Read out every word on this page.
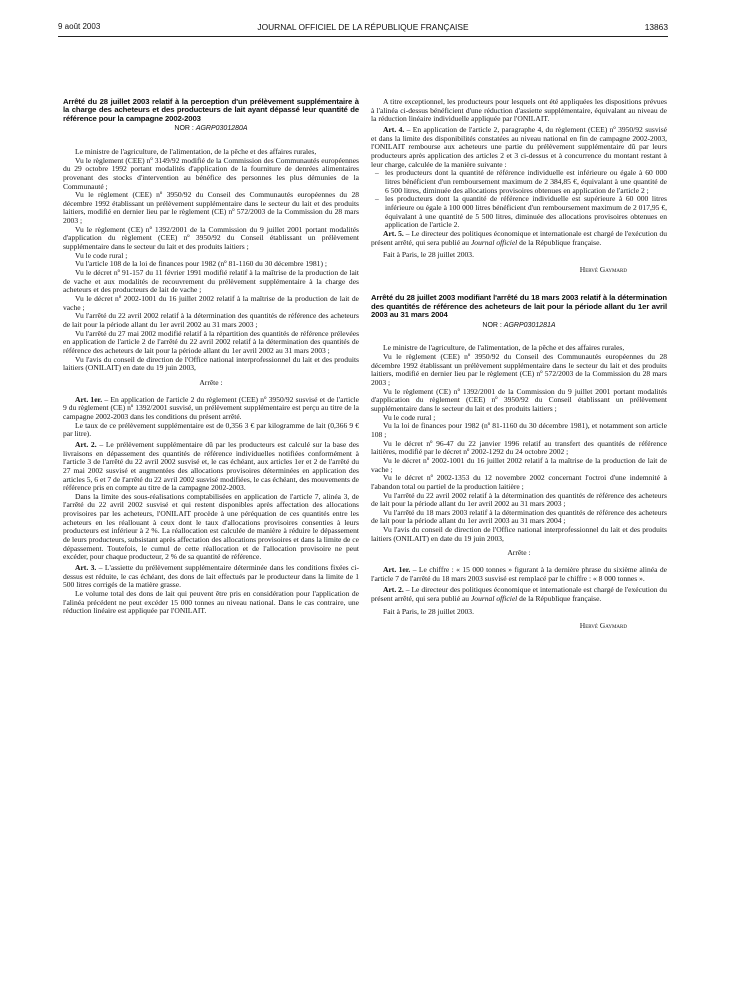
9 août 2003	JOURNAL OFFICIEL DE LA RÉPUBLIQUE FRANÇAISE	13863

Arrêté du 28 juillet 2003 relatif à la perception d'un prélèvement supplémentaire à la charge des acheteurs et des producteurs de lait ayant dépassé leur quantité de référence pour la campagne 2002-2003

NOR : AGRP0301280A

Le ministre de l'agriculture, de l'alimentation, de la pêche et des affaires rurales,

Vu le règlement (CEE) nº 3149/92 modifié de la Commission des Communautés européennes du 29 octobre 1992 portant modalités d'application de la fourniture de denrées alimentaires provenant des stocks d'intervention au bénéfice des personnes les plus démunies de la Communauté ;

Vu le règlement (CEE) nº 3950/92 du Conseil des Communautés européennes du 28 décembre 1992 établissant un prélèvement supplémentaire dans le secteur du lait et des produits laitiers, modifié en dernier lieu par le règlement (CE) nº 572/2003 de la Commission du 28 mars 2003 ;

Vu le règlement (CE) nº 1392/2001 de la Commission du 9 juillet 2001 portant modalités d'application du règlement (CEE) nº 3950/92 du Conseil établissant un prélèvement supplémentaire dans le secteur du lait et des produits laitiers ;

Vu le code rural ;

Vu l'article 108 de la loi de finances pour 1982 (nº 81-1160 du 30 décembre 1981) ;

Vu le décret nº 91-157 du 11 février 1991 modifié relatif à la maîtrise de la production de lait de vache et aux modalités de recouvrement du prélèvement supplémentaire à la charge des acheteurs et des producteurs de lait de vache ;

Vu le décret nº 2002-1001 du 16 juillet 2002 relatif à la maîtrise de la production de lait de vache ;

Vu l'arrêté du 22 avril 2002 relatif à la détermination des quantités de référence des acheteurs de lait pour la période allant du 1er avril 2002 au 31 mars 2003 ;

Vu l'arrêté du 27 mai 2002 modifié relatif à la répartition des quantités de référence prélevées en application de l'article 2 de l'arrêté du 22 avril 2002 relatif à la détermination des quantités de référence des acheteurs de lait pour la période allant du 1er avril 2002 au 31 mars 2003 ;

Vu l'avis du conseil de direction de l'Office national interprofessionnel du lait et des produits laitiers (ONILAIT) en date du 19 juin 2003,

Arrête :

Art. 1er. – En application de l'article 2 du règlement (CEE) nº 3950/92 susvisé et de l'article 9 du règlement (CE) nº 1392/2001 susvisé, un prélèvement supplémentaire est perçu au titre de la campagne 2002-2003 dans les conditions du présent arrêté.

Le taux de ce prélèvement supplémentaire est de 0,356 3 € par kilogramme de lait (0,366 9 € par litre).

Art. 2. – Le prélèvement supplémentaire dû par les producteurs est calculé sur la base des livraisons en dépassement des quantités de référence individuelles notifiées conformément à l'article 3 de l'arrêté du 22 avril 2002 susvisé et, le cas échéant, aux articles 1er et 2 de l'arrêté du 27 mai 2002 susvisé et augmentées des allocations provisoires déterminées en application des articles 5, 6 et 7 de l'arrêté du 22 avril 2002 susvisé modifiées, le cas échéant, des mouvements de référence pris en compte au titre de la campagne 2002-2003.

Dans la limite des sous-réalisations comptabilisées en application de l'article 7, alinéa 3, de l'arrêté du 22 avril 2002 susvisé et qui restent disponibles après affectation des allocations provisoires par les acheteurs, l'ONILAIT procède à une péréquation de ces quantités entre les acheteurs en les réallouant à ceux dont le taux d'allocations provisoires consenties à leurs producteurs est inférieur à 2 %. La réallocation est calculée de manière à réduire le dépassement de leurs producteurs, subsistant après affectation des allocations provisoires et dans la limite de ce dépassement. Toutefois, le cumul de cette réallocation et de l'allocation provisoire ne peut excéder, pour chaque producteur, 2 % de sa quantité de référence.

Art. 3. – L'assiette du prélèvement supplémentaire déterminée dans les conditions fixées ci-dessus est réduite, le cas échéant, des dons de lait effectués par le producteur dans la limite de 1 500 litres corrigés de la matière grasse.

Le volume total des dons de lait qui peuvent être pris en considération pour l'application de l'alinéa précédent ne peut excéder 15 000 tonnes au niveau national. Dans le cas contraire, une réduction linéaire est appliquée par l'ONILAIT.

A titre exceptionnel, les producteurs pour lesquels ont été appliquées les dispositions prévues à l'alinéa ci-dessus bénéficient d'une réduction d'assiette supplémentaire, équivalant au niveau de la réduction linéaire individuelle appliquée par l'ONILAIT.

Art. 4. – En application de l'article 2, paragraphe 4, du règlement (CEE) nº 3950/92 susvisé et dans la limite des disponibilités constatées au niveau national en fin de campagne 2002-2003, l'ONILAIT rembourse aux acheteurs une partie du prélèvement supplémentaire dû par leurs producteurs après application des articles 2 et 3 ci-dessus et à concurrence du montant restant à leur charge, calculée de la manière suivante :

– les producteurs dont la quantité de référence individuelle est inférieure ou égale à 60 000 litres bénéficient d'un remboursement maximum de 2 384,85 €, équivalant à une quantité de 6 500 litres, diminuée des allocations provisoires obtenues en application de l'article 2 ;
– les producteurs dont la quantité de référence individuelle est supérieure à 60 000 litres inférieure ou égale à 100 000 litres bénéficient d'un remboursement maximum de 2 017,95 €, équivalant à une quantité de 5 500 litres, diminuée des allocations provisoires obtenues en application de l'article 2.

Art. 5. – Le directeur des politiques économique et internationale est chargé de l'exécution du présent arrêté, qui sera publié au Journal officiel de la République française.

Fait à Paris, le 28 juillet 2003.

Hervé Gaymard

Arrêté du 28 juillet 2003 modifiant l'arrêté du 18 mars 2003 relatif à la détermination des quantités de référence des acheteurs de lait pour la période allant du 1er avril 2003 au 31 mars 2004

NOR : AGRP0301281A

Le ministre de l'agriculture, de l'alimentation, de la pêche et des affaires rurales,

Vu le règlement (CEE) nº 3950/92 du Conseil des Communautés européennes du 28 décembre 1992 établissant un prélèvement supplémentaire dans le secteur du lait et des produits laitiers, modifié en dernier lieu par le règlement (CE) nº 572/2003 de la Commission du 28 mars 2003 ;

Vu le règlement (CE) nº 1392/2001 de la Commission du 9 juillet 2001 portant modalités d'application du règlement (CEE) nº 3950/92 du Conseil établissant un prélèvement supplémentaire dans le secteur du lait et des produits laitiers ;

Vu le code rural ;

Vu la loi de finances pour 1982 (nº 81-1160 du 30 décembre 1981), et notamment son article 108 ;

Vu le décret nº 96-47 du 22 janvier 1996 relatif au transfert des quantités de référence laitières, modifié par le décret nº 2002-1292 du 24 octobre 2002 ;

Vu le décret nº 2002-1001 du 16 juillet 2002 relatif à la maîtrise de la production de lait de vache ;

Vu le décret nº 2002-1353 du 12 novembre 2002 concernant l'octroi d'une indemnité à l'abandon total ou partiel de la production laitière ;

Vu l'arrêté du 22 avril 2002 relatif à la détermination des quantités de référence des acheteurs de lait pour la période allant du 1er avril 2002 au 31 mars 2003 ;

Vu l'arrêté du 18 mars 2003 relatif à la détermination des quantités de référence des acheteurs de lait pour la période allant du 1er avril 2003 au 31 mars 2004 ;

Vu l'avis du conseil de direction de l'Office national interprofessionnel du lait et des produits laitiers (ONILAIT) en date du 19 juin 2003,

Arrête :

Art. 1er. – Le chiffre : « 15 000 tonnes » figurant à la dernière phrase du sixième alinéa de l'article 7 de l'arrêté du 18 mars 2003 susvisé est remplacé par le chiffre : « 8 000 tonnes ».

Art. 2. – Le directeur des politiques économique et internationale est chargé de l'exécution du présent arrêté, qui sera publié au Journal officiel de la République française.

Fait à Paris, le 28 juillet 2003.

Hervé Gaymard
